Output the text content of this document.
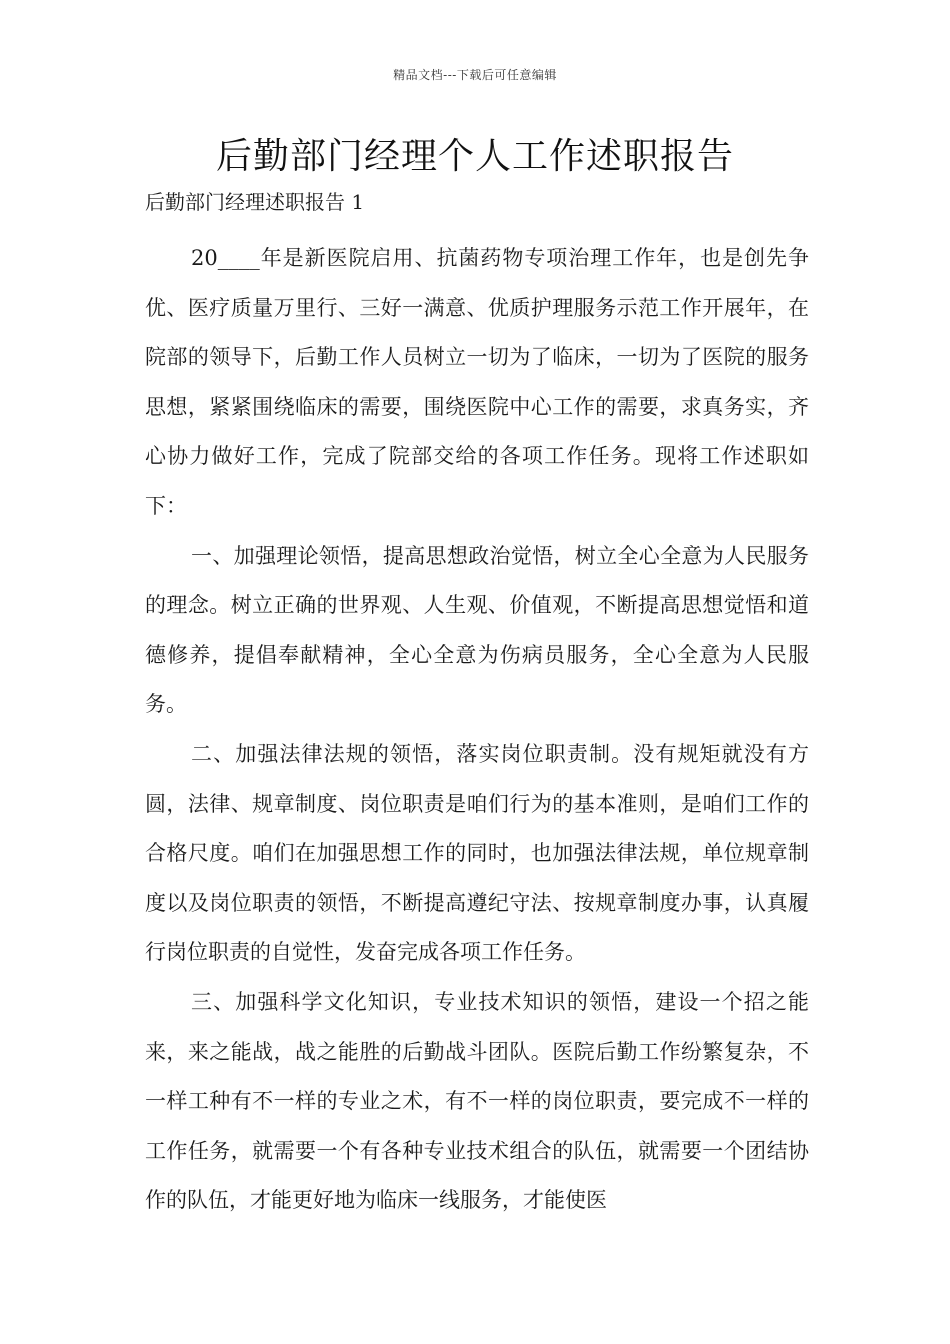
精品文档---下载后可任意编辑
后勤部门经理个人工作述职报告
后勤部门经理述职报告 1

20____年是新医院启用、抗菌药物专项治理工作年，也是创先争优、医疗质量万里行、三好一满意、优质护理服务示范工作开展年，在院部的领导下，后勤工作人员树立一切为了临床，一切为了医院的服务思想，紧紧围绕临床的需要，围绕医院中心工作的需要，求真务实，齐心协力做好工作，完成了院部交给的各项工作任务。现将工作述职如下：

一、加强理论领悟，提高思想政治觉悟，树立全心全意为人民服务的理念。树立正确的世界观、人生观、价值观，不断提高思想觉悟和道德修养，提倡奉献精神，全心全意为伤病员服务，全心全意为人民服务。

二、加强法律法规的领悟，落实岗位职责制。没有规矩就没有方圆，法律、规章制度、岗位职责是咱们行为的基本准则，是咱们工作的合格尺度。咱们在加强思想工作的同时，也加强法律法规，单位规章制度以及岗位职责的领悟，不断提高遵纪守法、按规章制度办事，认真履行岗位职责的自觉性，发奋完成各项工作任务。

三、加强科学文化知识，专业技术知识的领悟，建设一个招之能来，来之能战，战之能胜的后勤战斗团队。医院后勤工作纷繁复杂，不一样工种有不一样的专业之术，有不一样的岗位职责，要完成不一样的工作任务，就需要一个有各种专业技术组合的队伍，就需要一个团结协作的队伍，才能更好地为临床一线服务，才能使医
